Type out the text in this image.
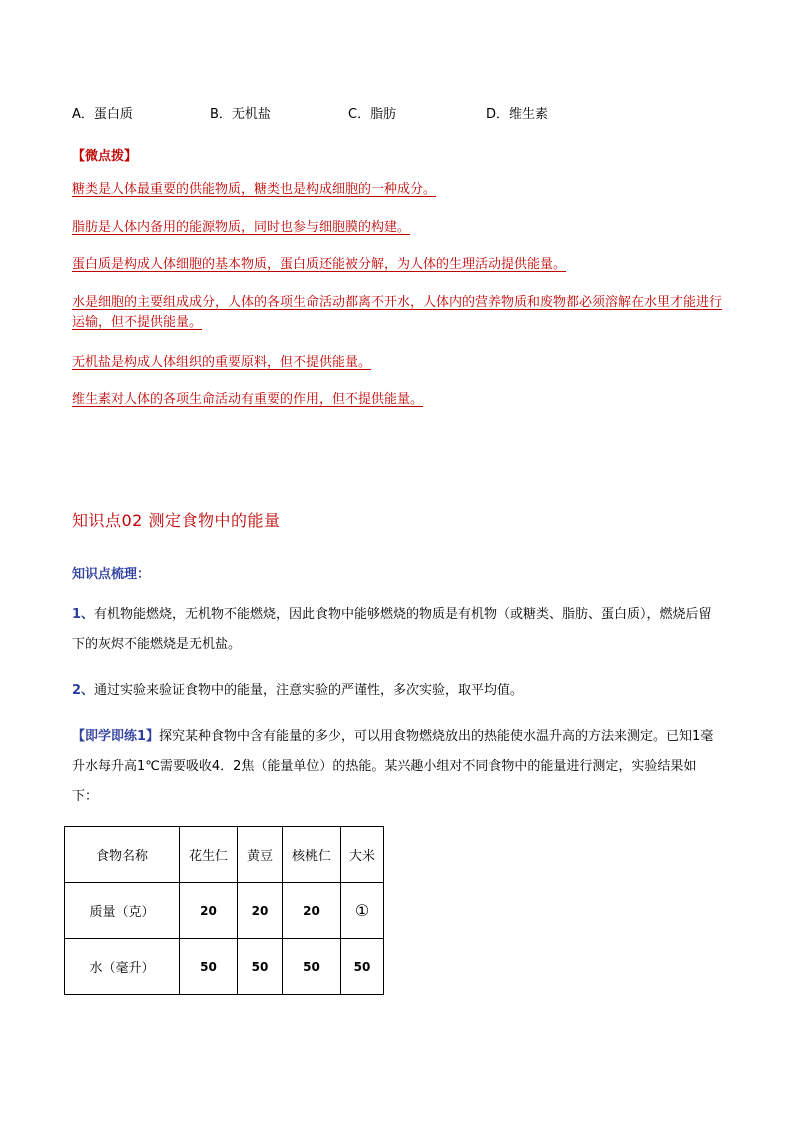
A．蛋白质	B．无机盐	C．脂肪	D．维生素
【微点拨】
糖类是人体最重要的供能物质，糖类也是构成细胞的一种成分。
脂肪是人体内备用的能源物质，同时也参与细胞膜的构建。
蛋白质是构成人体细胞的基本物质，蛋白质还能被分解，为人体的生理活动提供能量。
水是细胞的主要组成成分，人体的各项生命活动都离不开水，人体内的营养物质和废物都必须溶解在水里才能进行运输，但不提供能量。
无机盐是构成人体组织的重要原料，但不提供能量。
维生素对人体的各项生命活动有重要的作用，但不提供能量。
知识点02 测定食物中的能量
知识点梳理：
1、有机物能燃烧，无机物不能燃烧，因此食物中能够燃烧的物质是有机物（或糖类、脂肪、蛋白质），燃烧后留下的灰烬不能燃烧是无机盐。
2、通过实验来验证食物中的能量，注意实验的严谨性，多次实验，取平均值。
【即学即练1】探究某种食物中含有能量的多少，可以用食物燃烧放出的热能使水温升高的方法来测定。已知1毫升水每升高1℃需要吸收4．2焦（能量单位）的热能。某兴趣小组对不同食物中的能量进行测定，实验结果如下：
食物名称	花生仁	黄豆	核桃仁	大米
质量（克）	20	20	20	①
水（毫升）	50	50	50	50
